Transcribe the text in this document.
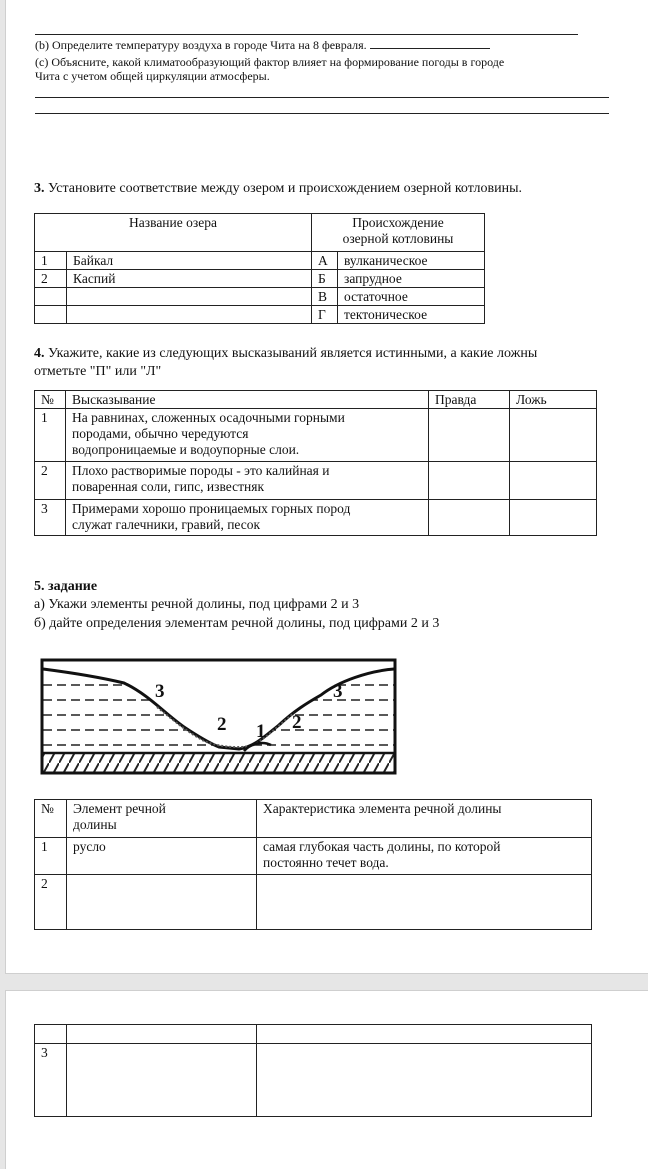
(b) Определите температуру воздуха в городе Чита на 8 февраля.
(с) Объясните, какой климатообразующий фактор влияет на формирование погоды в городе
Чита с учетом общей циркуляции атмосферы.
3. Установите соответствие между озером и происхождением озерной котловины.
Название озера		Происхождение
озерной котловины	
1	Байкал	А	вулканическое
2	Каспий	Б	запрудное
		В	остаточное
		Г	тектоническое
4. Укажите, какие из следующих высказываний является истинными, а какие ложны
отметьте "П" или "Л"
№	Высказывание	Правда	Ложь
1	На равнинах, сложенных осадочными горными
породами, обычно чередуются
водопроницаемые и водоупорные слои.		

2	Плохо растворимые породы - это калийная и
поваренная соли, гипс, известняк		

3	Примерами хорошо проницаемых горных пород
служат галечники, гравий, песок		

5. задание
а) Укажи элементы речной долины, под цифрами 2 и 3
б) дайте определения элементам речной долины, под цифрами 2 и 3
3
2 1 2
3
№	Элемент речной
долины	Характеристика элемента речной долины
1	русло	самая глубокая часть долины, по которой
постоянно течет вода.

2		

3		
